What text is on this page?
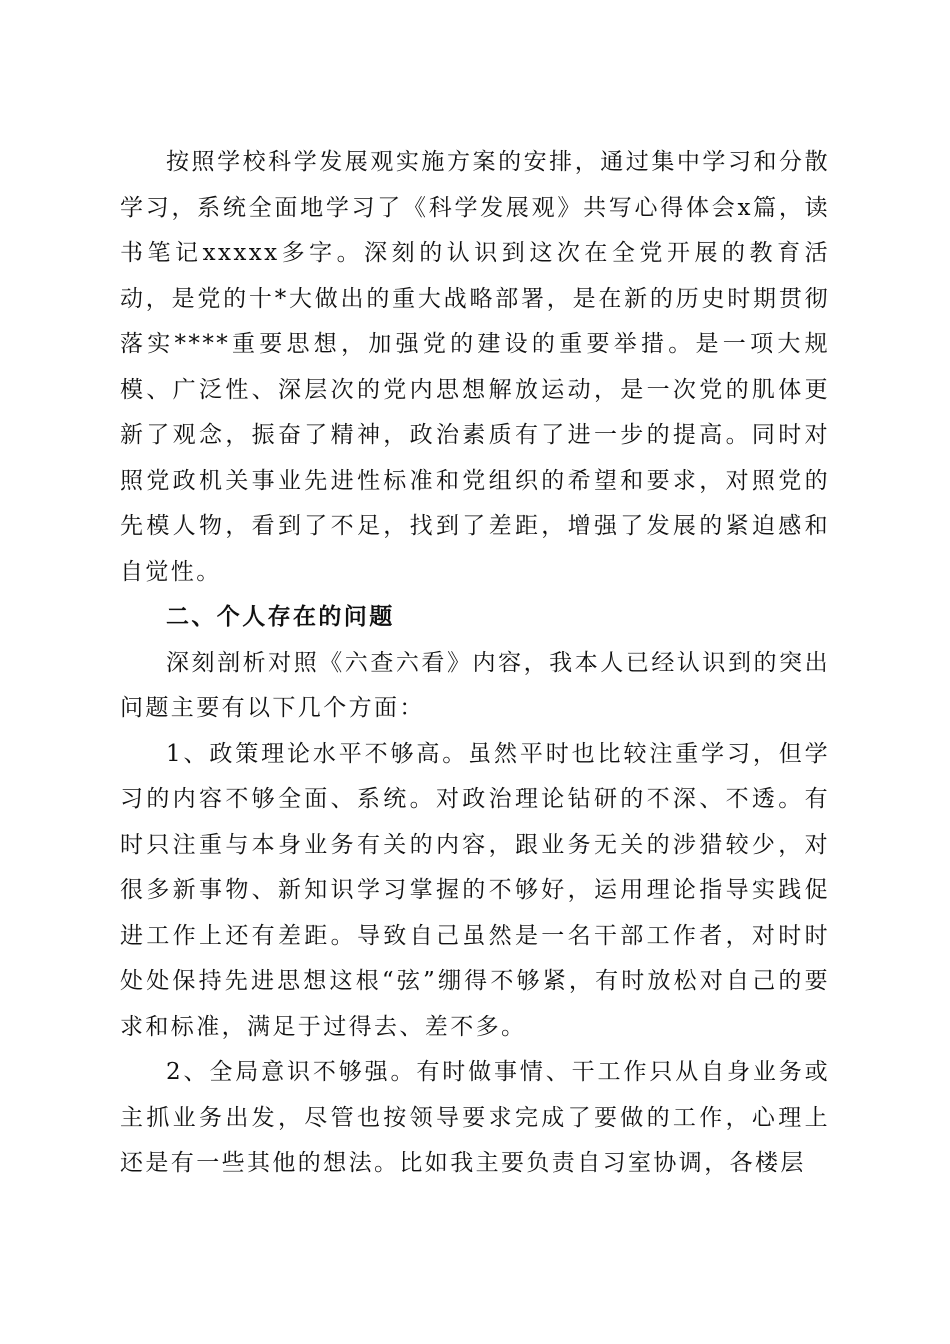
按照学校科学发展观实施方案的安排，通过集中学习和分散学习，系统全面地学习了《科学发展观》共写心得体会x篇，读书笔记xxxxx多字。深刻的认识到这次在全党开展的教育活动，是党的十*大做出的重大战略部署，是在新的历史时期贯彻落实****重要思想，加强党的建设的重要举措。是一项大规模、广泛性、深层次的党内思想解放运动，是一次党的肌体更新了观念，振奋了精神，政治素质有了进一步的提高。同时对照党政机关事业先进性标准和党组织的希望和要求，对照党的先模人物，看到了不足，找到了差距，增强了发展的紧迫感和自觉性。

二、个人存在的问题

深刻剖析对照《六查六看》内容，我本人已经认识到的突出问题主要有以下几个方面：

1、政策理论水平不够高。虽然平时也比较注重学习，但学习的内容不够全面、系统。对政治理论钻研的不深、不透。有时只注重与本身业务有关的内容，跟业务无关的涉猎较少，对很多新事物、新知识学习掌握的不够好，运用理论指导实践促进工作上还有差距。导致自己虽然是一名干部工作者，对时时处处保持先进思想这根“弦”绷得不够紧，有时放松对自己的要求和标准，满足于过得去、差不多。

2、全局意识不够强。有时做事情、干工作只从自身业务或主抓业务出发，尽管也按领导要求完成了要做的工作，心理上还是有一些其他的想法。比如我主要负责自习室协调，各楼层
